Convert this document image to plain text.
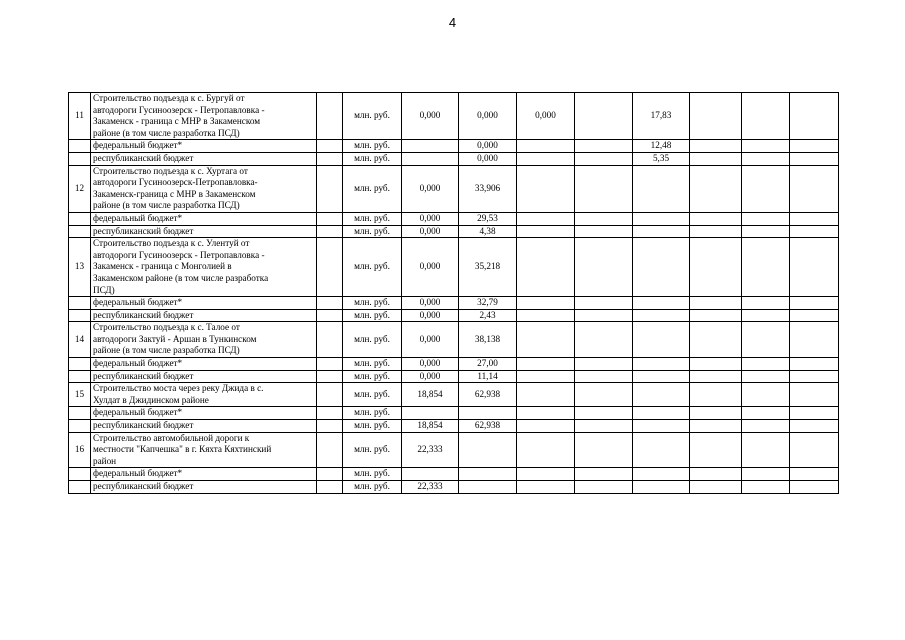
4
11	Строительство подъезда к с. Бургуй от
автодороги Гусиноозерск - Петропавловка -
Закаменск - граница с МНР в Закаменском
районе (в том числе разработка ПСД)		млн. руб.	0,000	0,000	0,000		17,83			

	федеральный бюджет*		млн. руб.		0,000			12,48			

	республиканский бюджет		млн. руб.		0,000			5,35			
12	Строительство подъезда к с. Хуртага от
автодороги Гусиноозерск-Петропавловка-
Закаменск-граница с МНР в Закаменском
районе (в том числе разработка ПСД)		млн. руб.	0,000	33,906						

	федеральный бюджет*		млн. руб.	0,000	29,53						

	республиканский бюджет		млн. руб.	0,000	4,38						
13	Строительство подъезда к с. Улентуй от
автодороги Гусиноозерск - Петропавловка -
Закаменск - граница с Монголией в
Закаменском районе (в том числе разработка
ПСД)		млн. руб.	0,000	35,218						

	федеральный бюджет*		млн. руб.	0,000	32,79						

	республиканский бюджет		млн. руб.	0,000	2,43						
14	Строительство подъезда к с. Талое от
автодороги Зактуй - Аршан в Тункинском
районе (в том числе разработка ПСД)		млн. руб.	0,000	38,138						

	федеральный бюджет*		млн. руб.	0,000	27,00						

	республиканский бюджет		млн. руб.	0,000	11,14						
15	Строительство моста через реку Джида в с.
Хулдат в Джидинском районе		млн. руб.	18,854	62,938						

	федеральный бюджет*		млн. руб.								

	республиканский бюджет		млн. руб.	18,854	62,938						
16	Строительство автомобильной дороги к
местности "Капчешка" в г. Кяхта Кяхтинский
район		млн. руб.	22,333							

	федеральный бюджет*		млн. руб.								

	республиканский бюджет		млн. руб.	22,333							
